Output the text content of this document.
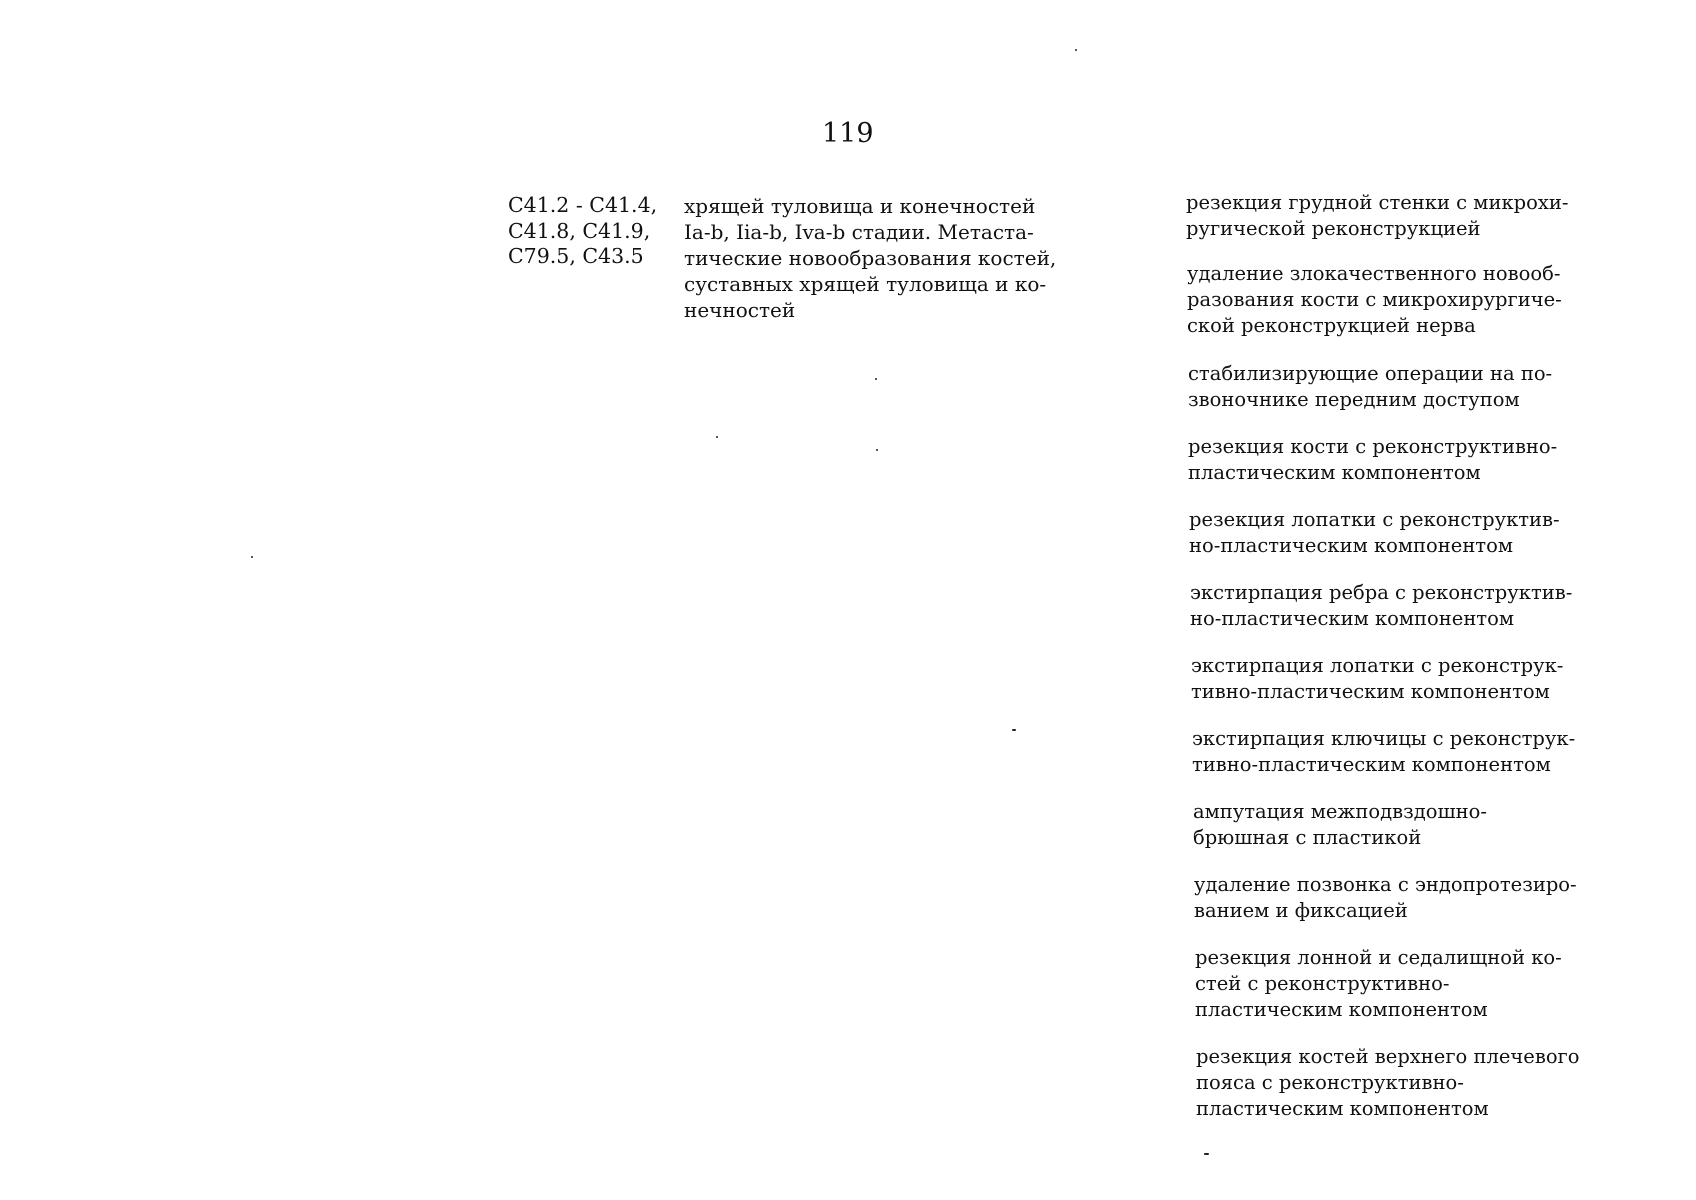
119
C41.2 - C41.4,
C41.8, C41.9,
C79.5, C43.5
хрящей туловища и конечностей
Ia-b, Iia-b, Iva-b стадии. Метаста-
тические новообразования костей,
суставных хрящей туловища и ко-
нечностей
резекция грудной стенки с микрохи-
ругической реконструкцией
удаление злокачественного новооб-
разования кости с микрохирургиче-
ской реконструкцией нерва
стабилизирующие операции на по-
звоночнике передним доступом
резекция кости с реконструктивно-
пластическим компонентом
резекция лопатки с реконструктив-
но-пластическим компонентом
экстирпация ребра с реконструктив-
но-пластическим компонентом
экстирпация лопатки с реконструк-
тивно-пластическим компонентом
экстирпация ключицы с реконструк-
тивно-пластическим компонентом
ампутация межподвздошно-
брюшная с пластикой
удаление позвонка с эндопротезиро-
ванием и фиксацией
резекция лонной и седалищной ко-
стей с реконструктивно-
пластическим компонентом
резекция костей верхнего плечевого
пояса с реконструктивно-
пластическим компонентом
